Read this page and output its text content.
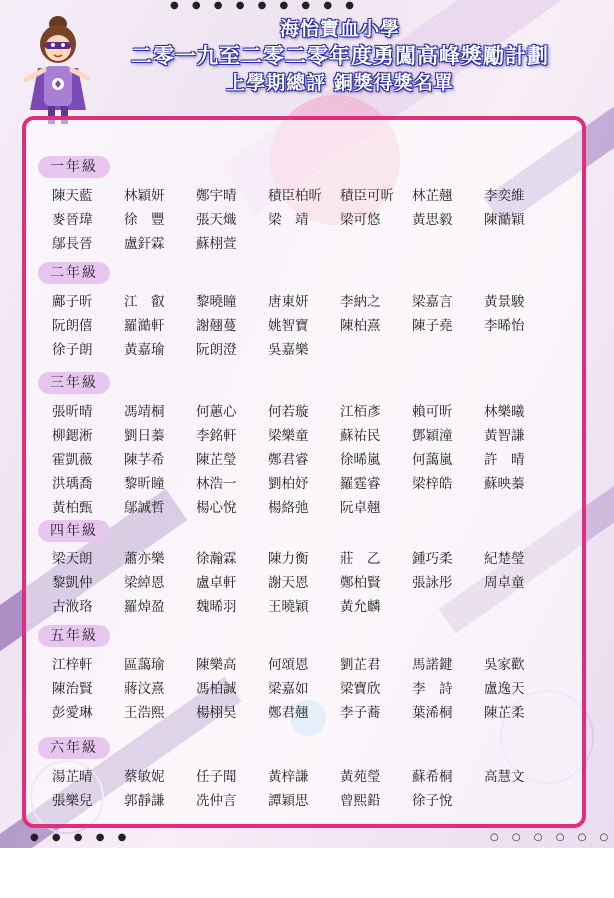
● ● ● ● ● ● ● ● ●
● ● ● ● ●	○ ○ ○ ○ ○ ○
海怡寶血小學
二零一九至二零二零年度勇闖高峰獎勵計劃
上學期總評 銅獎得獎名單
一年級
陳天藍	林穎妍	鄭宇晴	積臣柏昕	積臣可昕	林芷翹	李奕維
麥晉瑋	徐　豐	張天熾	梁　靖	梁可悠	黃思毅	陳澔穎
鄔長晉	盧釬霖	蘇栩萱
二年級
鄺子昕	江　叡	黎曉瞳	唐東妍	李納之	梁嘉言	黃景駿
阮朗僖	羅澔軒	謝翹蔓	姚智寶	陳柏熹	陳子堯	李晞怡
徐子朗	黃嘉瑜	阮朗澄	吳嘉樂
三年級
張昕晴	馮靖桐	何蕙心	何若璇	江栢彥	賴可昕	林樂曦
柳鍶淅	劉日蓁	李銘軒	梁樂童	蘇祐民	鄧穎潼	黃智謙
霍凱薇	陳芓希	陳芷瑩	鄭君睿	徐晞嵐	何藹嵐	許　晴
洪瑀喬	黎昕瞳	林浩一	劉柏妤	羅霆睿	梁梓皓	蘇映蓁
黃柏甄	鄔誠哲	楊心悅	楊絡弛	阮卓翹
四年級
梁天朗	蕭亦樂	徐瀚霖	陳力衡	莊　乙	鍾巧柔	紀楚瑩
黎凱仲	梁綽恩	盧卓軒	謝天恩	鄭柏賢	張詠彤	周卓童
古浟珞	羅焯盈	魏晞羽	王曉穎	黃允麟
五年級
江梓軒	區藹瑜	陳樂高	何頌恩	劉芷君	馬諾鍵	吳家歡
陳治賢	蔣汶熹	馮柏誠	梁嘉如	梁寶欣	李　詩	盧逸天
彭愛琳	王浩熙	楊栩昊	鄭君翹	李子蕎	葉浠桐	陳芷柔
六年級
湯芷晴	蔡敏妮	任子聞	黃梓謙	黃苑瑩	蘇希桐	高慧文
張樂兒	郭靜謙	冼仲言	譚穎思	曾熙鉛	徐子悅
